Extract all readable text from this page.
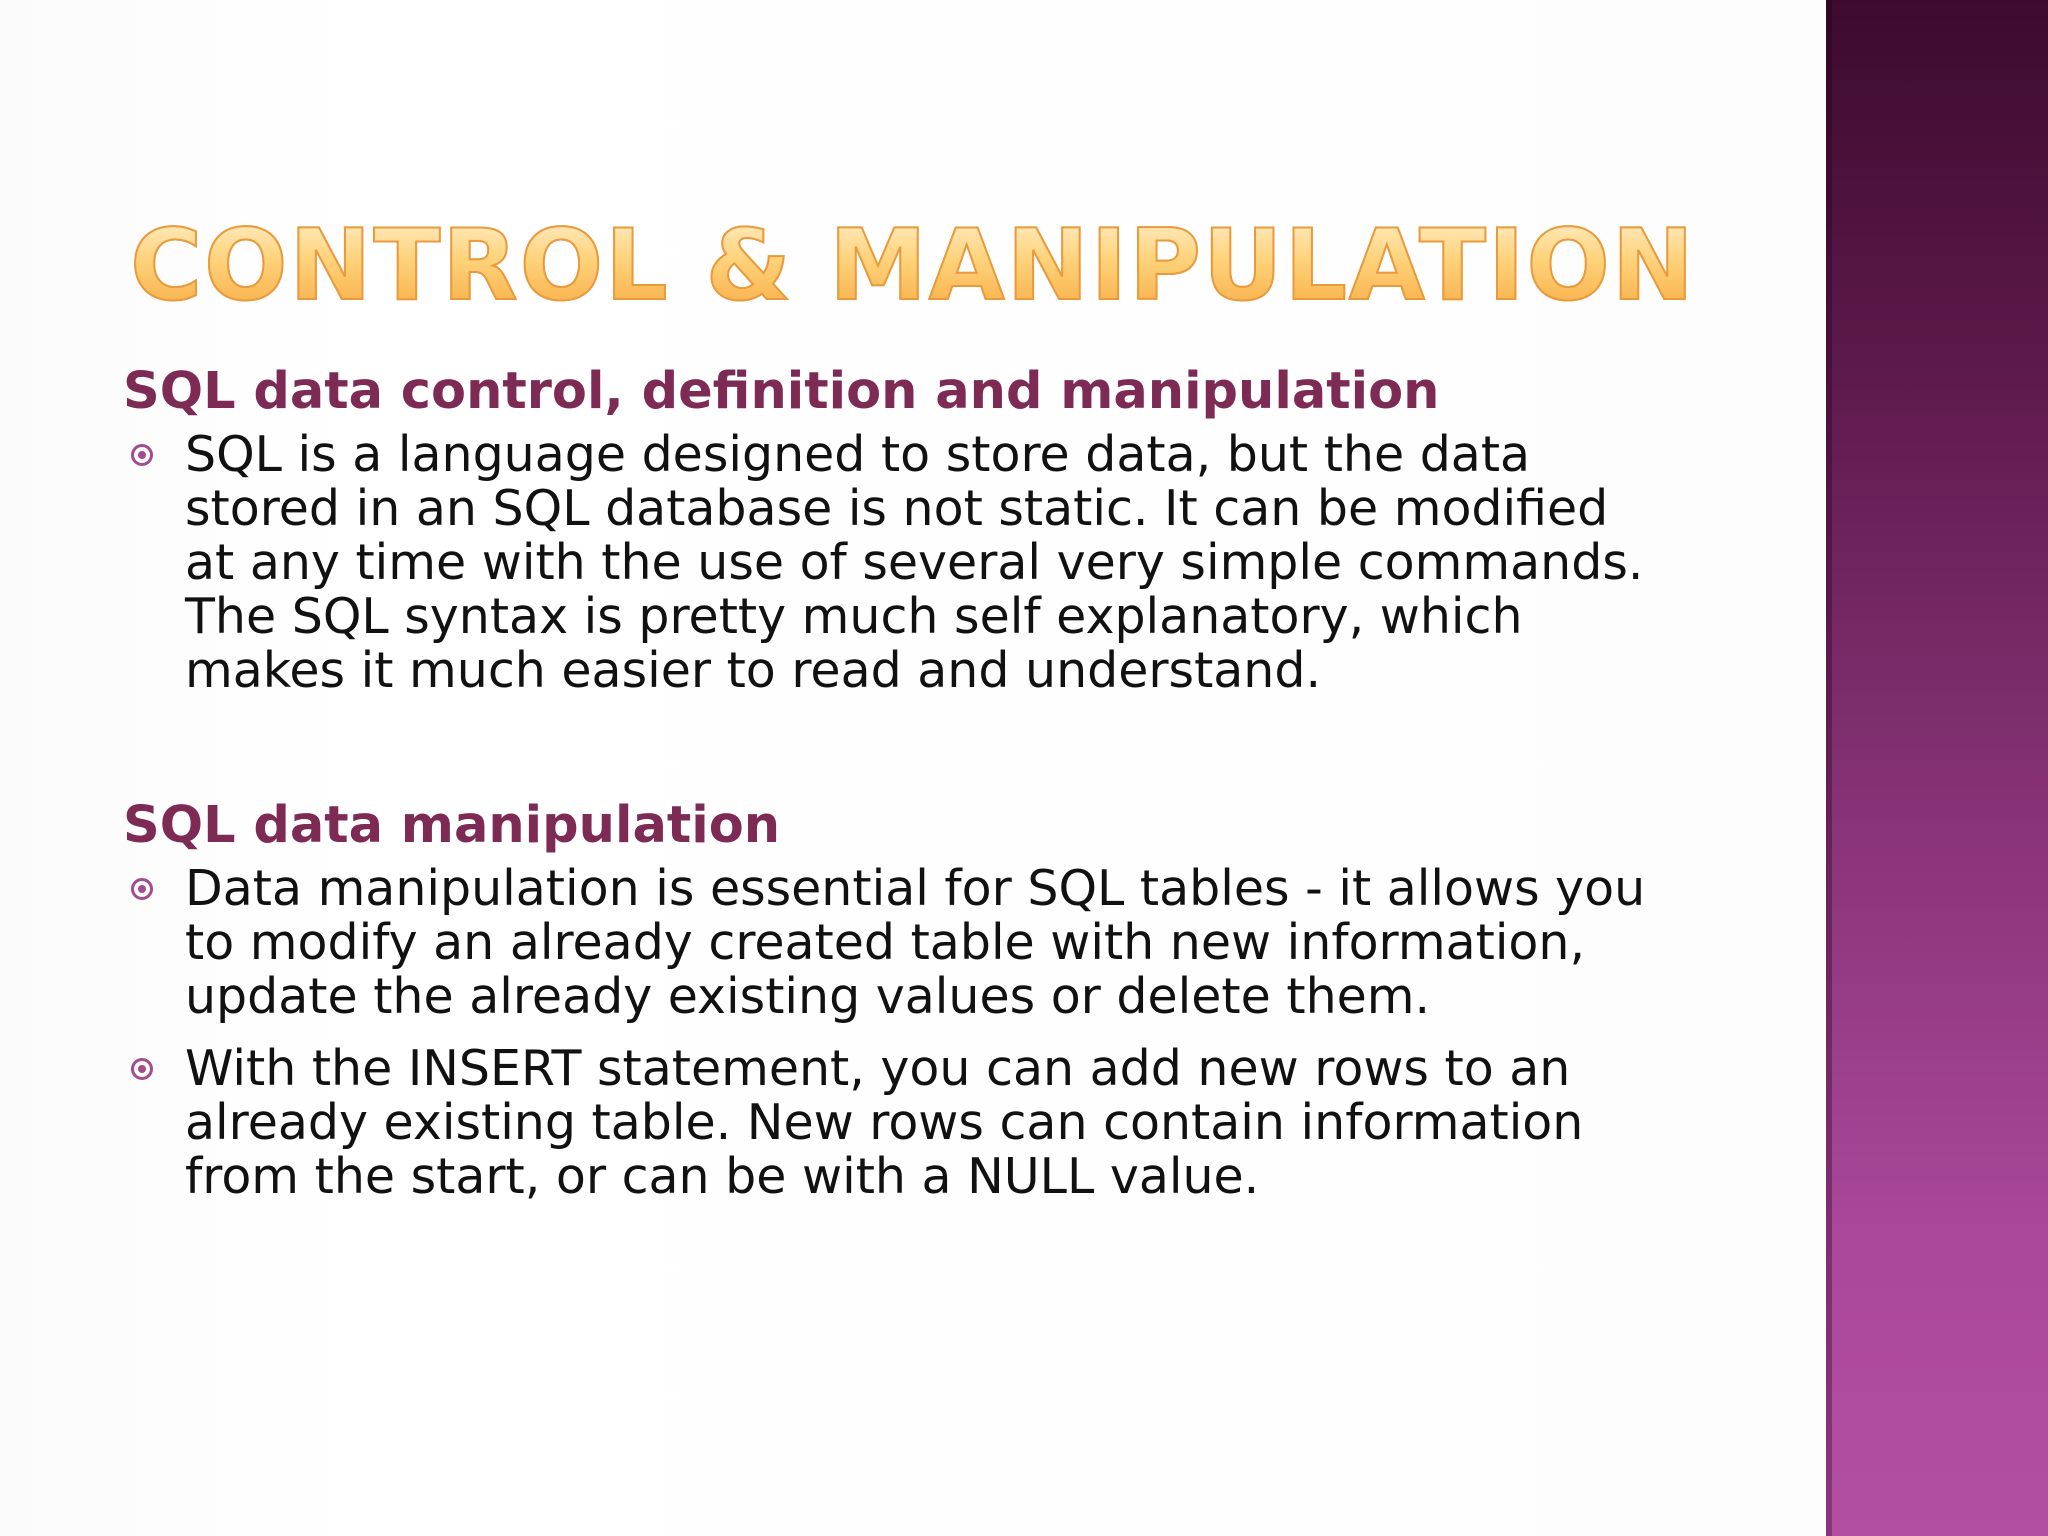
CONTROL & MANIPULATION
SQL data control, definition and manipulation
SQL is a language designed to store data, but the data
stored in an SQL database is not static. It can be modified
at any time with the use of several very simple commands.
The SQL syntax is pretty much self explanatory, which
makes it much easier to read and understand.
SQL data manipulation
Data manipulation is essential for SQL tables - it allows you
to modify an already created table with new information,
update the already existing values or delete them.
With the INSERT statement, you can add new rows to an
already existing table. New rows can contain information
from the start, or can be with a NULL value.
